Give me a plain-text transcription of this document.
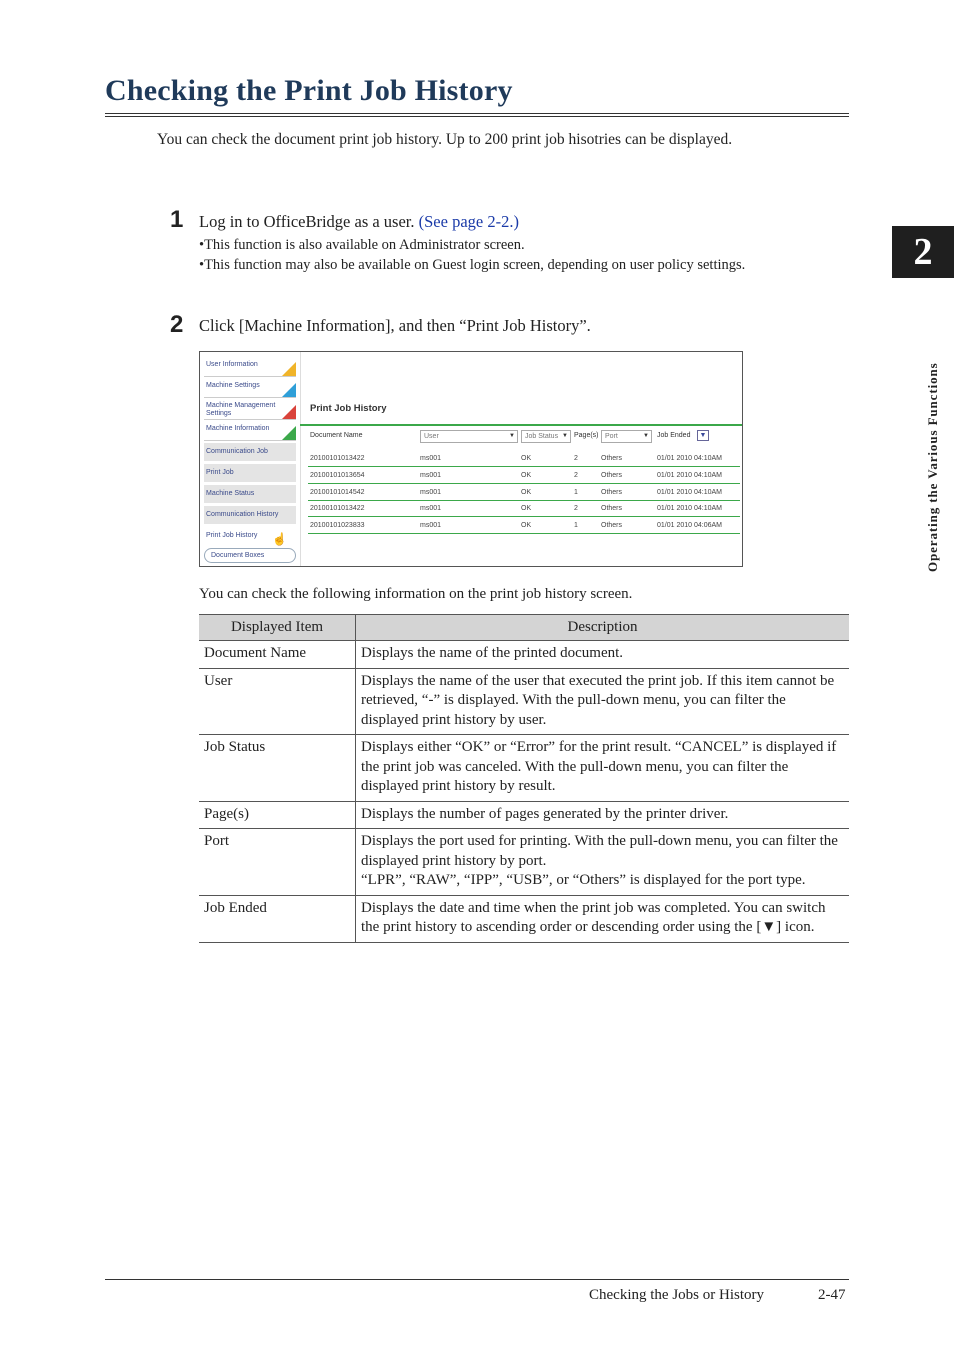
Checking the Print Job History
You can check the document print job history. Up to 200 print job hisotries can be displayed.
2
Operating the Various Functions
1 Log in to OfficeBridge as a user. (See page 2-2.)
•This function is also available on Administrator screen.
•This function may also be available on Guest login screen, depending on user policy settings.
2 Click [Machine Information], and then “Print Job History”.
User Information
Machine Settings
Machine Management Settings
Machine Information
Communication Job
Print Job
Machine Status
Communication History
Print Job History
Document Boxes
☝
Print Job History
Document Name	User	▼	Job Status ▼ Page(s) Port	▼ Job Ended	▼
20100101013422	ms001	OK	2	Others	01/01 2010 04:10AM
20100101013654	ms001	OK	2	Others	01/01 2010 04:10AM
20100101014542	ms001	OK	1	Others	01/01 2010 04:10AM
20100101013422	ms001	OK	2	Others	01/01 2010 04:10AM
20100101023833	ms001	OK	1	Others	01/01 2010 04:06AM
You can check the following information on the print job history screen.
Displayed Item	Description
Document Name	Displays the name of the printed document.
User	Displays the name of the user that executed the print job. If this item cannot be retrieved, “-” is displayed. With the pull-down menu, you can filter the displayed print history by user.
Job Status	Displays either “OK” or “Error” for the print result. “CANCEL” is displayed if the print job was canceled. With the pull-down menu, you can filter the displayed print history by result.
Page(s)	Displays the number of pages generated by the printer driver.
Port	Displays the port used for printing. With the pull-down menu, you can filter the displayed print history by port.
“LPR”, “RAW”, “IPP”, “USB”, or “Others” is displayed for the port type.
Job Ended	Displays the date and time when the print job was completed. You can switch the print history to ascending order or descending order using the [▼] icon.
Checking the Jobs or History	2-47
